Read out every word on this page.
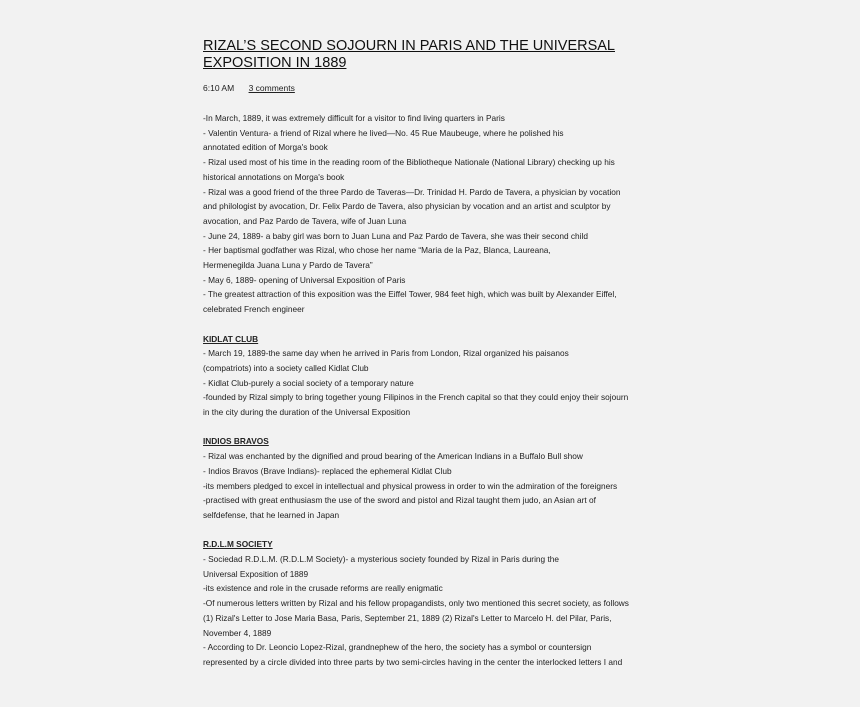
RIZAL’S SECOND SOJOURN IN PARIS AND THE UNIVERSAL
EXPOSITION IN 1889
6:10 AM 3 comments
-In March, 1889, it was extremely difficult for a visitor to find living quarters in Paris
- Valentin Ventura- a friend of Rizal where he lived—No. 45 Rue Maubeuge, where he polished his
annotated edition of Morga's book
- Rizal used most of his time in the reading room of the Bibliotheque Nationale (National Library) checking up his
historical annotations on Morga's book
- Rizal was a good friend of the three Pardo de Taveras—Dr. Trinidad H. Pardo de Tavera, a physician by vocation
and philologist by avocation, Dr. Felix Pardo de Tavera, also physician by vocation and an artist and sculptor by
avocation, and Paz Pardo de Tavera, wife of Juan Luna
- June 24, 1889- a baby girl was born to Juan Luna and Paz Pardo de Tavera, she was their second child
- Her baptismal godfather was Rizal, who chose her name “Maria de la Paz, Blanca, Laureana,
Hermenegilda Juana Luna y Pardo de Tavera”
- May 6, 1889- opening of Universal Exposition of Paris
- The greatest attraction of this exposition was the Eiffel Tower, 984 feet high, which was built by Alexander Eiffel,
celebrated French engineer
KIDLAT CLUB
- March 19, 1889-the same day when he arrived in Paris from London, Rizal organized his paisanos
(compatriots) into a society called Kidlat Club
- Kidlat Club-purely a social society of a temporary nature
-founded by Rizal simply to bring together young Filipinos in the French capital so that they could enjoy their sojourn
in the city during the duration of the Universal Exposition
INDIOS BRAVOS
- Rizal was enchanted by the dignified and proud bearing of the American Indians in a Buffalo Bull show
- Indios Bravos (Brave Indians)- replaced the ephemeral Kidlat Club
-its members pledged to excel in intellectual and physical prowess in order to win the admiration of the foreigners
-practised with great enthusiasm the use of the sword and pistol and Rizal taught them judo, an Asian art of
selfdefense, that he learned in Japan
R.D.L.M SOCIETY
- Sociedad R.D.L.M. (R.D.L.M Society)- a mysterious society founded by Rizal in Paris during the
Universal Exposition of 1889
-its existence and role in the crusade reforms are really enigmatic
-Of numerous letters written by Rizal and his fellow propagandists, only two mentioned this secret society, as follows
(1) Rizal's Letter to Jose Maria Basa, Paris, September 21, 1889 (2) Rizal's Letter to Marcelo H. del Pilar, Paris,
November 4, 1889
- According to Dr. Leoncio Lopez-Rizal, grandnephew of the hero, the society has a symbol or countersign
represented by a circle divided into three parts by two semi-circles having in the center the interlocked letters I and
